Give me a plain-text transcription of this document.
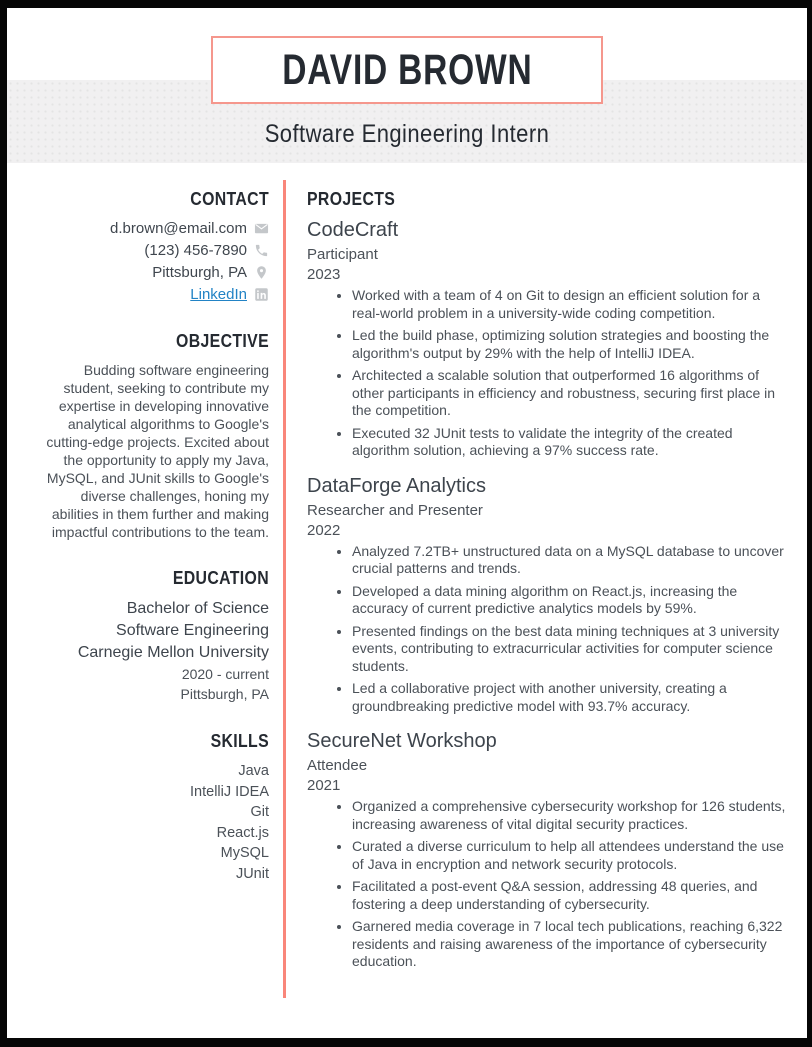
DAVID BROWN
Software Engineering Intern
CONTACT
d.brown@email.com
(123) 456-7890
Pittsburgh, PA
LinkedIn
OBJECTIVE

Budding software engineering student, seeking to contribute my expertise in developing innovative analytical algorithms to Google's cutting-edge projects. Excited about the opportunity to apply my Java, MySQL, and JUnit skills to Google's diverse challenges, honing my abilities in them further and making impactful contributions to the team.

EDUCATION
Bachelor of Science
Software Engineering
Carnegie Mellon University
2020 - current
Pittsburgh, PA
SKILLS
Java
IntelliJ IDEA
Git
React.js
MySQL
JUnit
PROJECTS
CodeCraft
Participant
2023
• Worked with a team of 4 on Git to design an efficient solution for a real-world problem in a university-wide coding competition.
• Led the build phase, optimizing solution strategies and boosting the algorithm's output by 29% with the help of IntelliJ IDEA.
• Architected a scalable solution that outperformed 16 algorithms of other participants in efficiency and robustness, securing first place in the competition.
• Executed 32 JUnit tests to validate the integrity of the created algorithm solution, achieving a 97% success rate.
DataForge Analytics
Researcher and Presenter
2022
• Analyzed 7.2TB+ unstructured data on a MySQL database to uncover crucial patterns and trends.
• Developed a data mining algorithm on React.js, increasing the accuracy of current predictive analytics models by 59%.
• Presented findings on the best data mining techniques at 3 university events, contributing to extracurricular activities for computer science students.
• Led a collaborative project with another university, creating a groundbreaking predictive model with 93.7% accuracy.
SecureNet Workshop
Attendee
2021
• Organized a comprehensive cybersecurity workshop for 126 students, increasing awareness of vital digital security practices.
• Curated a diverse curriculum to help all attendees understand the use of Java in encryption and network security protocols.
• Facilitated a post-event Q&A session, addressing 48 queries, and fostering a deep understanding of cybersecurity.
• Garnered media coverage in 7 local tech publications, reaching 6,322 residents and raising awareness of the importance of cybersecurity education.
